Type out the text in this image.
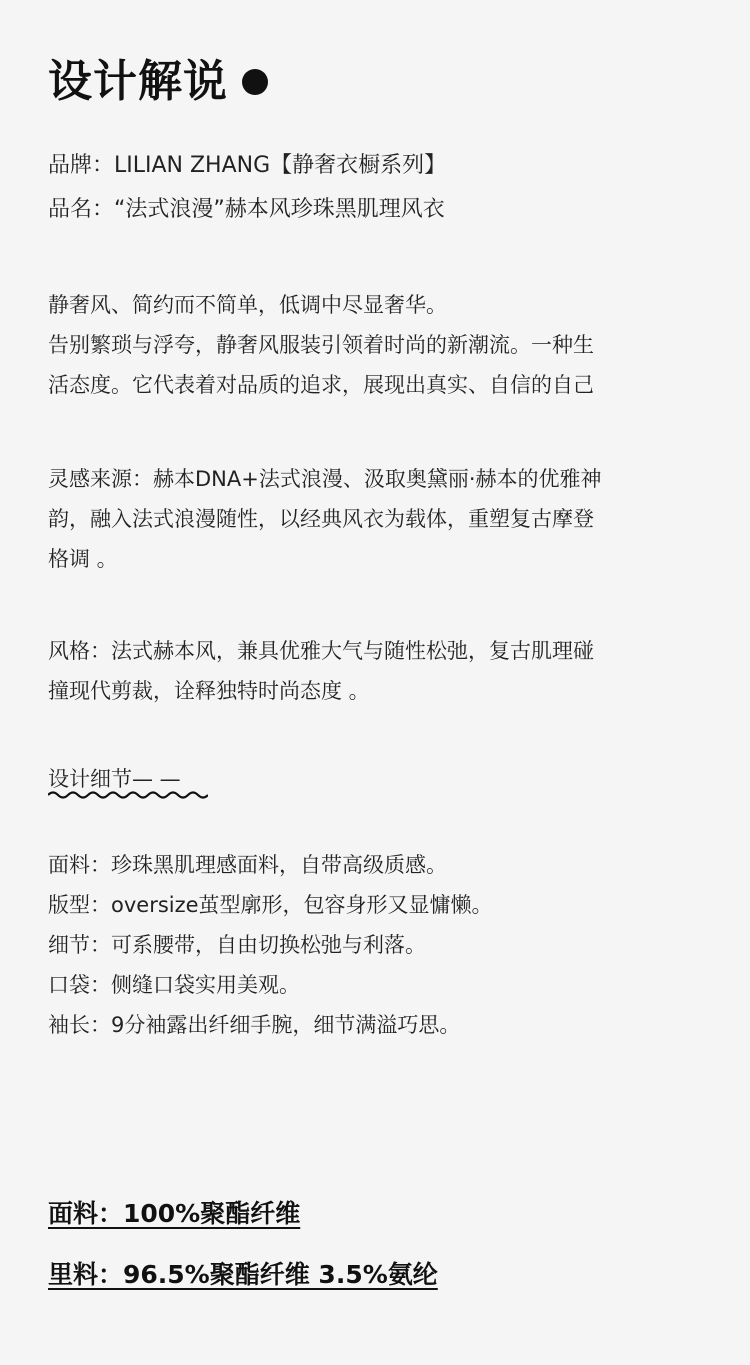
设计解说
品牌：LILIAN ZHANG【静奢衣橱系列】
品名：“法式浪漫”赫本风珍珠黑肌理风衣
静奢风、简约而不简单，低调中尽显奢华。
告别繁琐与浮夸，静奢风服装引领着时尚的新潮流。一种生
活态度。它代表着对品质的追求，展现出真实、自信的自己
灵感来源：赫本DNA+法式浪漫、汲取奥黛丽·赫本的优雅神
韵，融入法式浪漫随性，以经典风衣为载体，重塑复古摩登
格调 。
风格：法式赫本风，兼具优雅大气与随性松弛，复古肌理碰
撞现代剪裁，诠释独特时尚态度 。
设计细节— —
面料：珍珠黑肌理感面料，自带高级质感。
版型：oversize茧型廓形，包容身形又显慵懒。
细节：可系腰带，自由切换松弛与利落。
口袋：侧缝口袋实用美观。
袖长：9分袖露出纤细手腕，细节满溢巧思。
面料：100%聚酯纤维
里料：96.5%聚酯纤维 3.5%氨纶
